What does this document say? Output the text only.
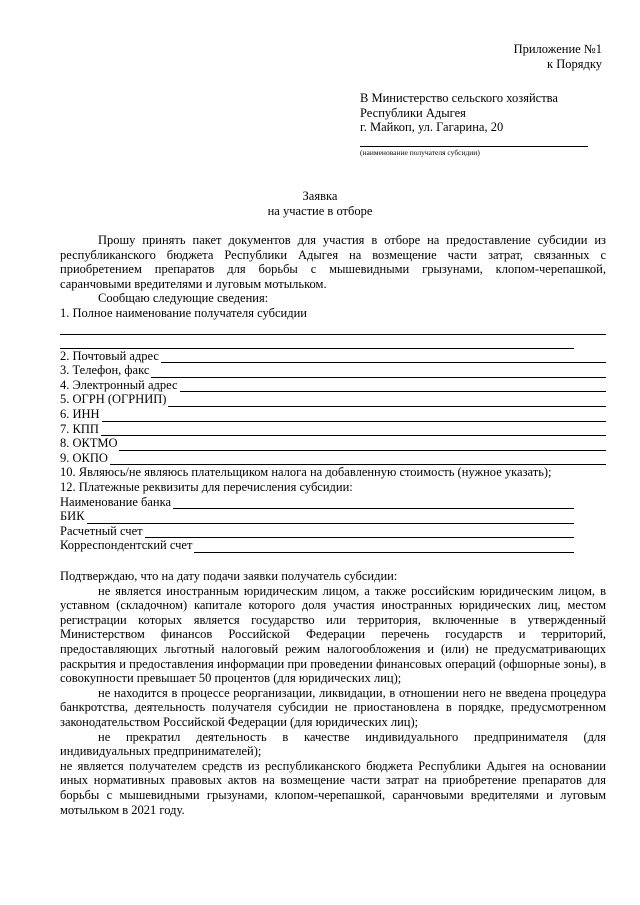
Приложение №1
к Порядку
В Министерство сельского хозяйства
Республики Адыгея
г. Майкоп, ул. Гагарина, 20
(наименование получателя субсидии)
Заявка
на участие в отборе
Прошу принять пакет документов для участия в отборе на предоставление субсидии из республиканского бюджета Республики Адыгея на возмещение части затрат, связанных с приобретением препаратов для борьбы с мышевидными грызунами, клопом-черепашкой, саранчовыми вредителями и луговым мотыльком.
Сообщаю следующие сведения:
1. Полное наименование получателя субсидии
2. Почтовый адрес
3. Телефон, факс
4. Электронный адрес
5. ОГРН (ОГРНИП)
6. ИНН
7. КПП
8. ОКТМО
9. ОКПО
10. Являюсь/не являюсь плательщиком налога на добавленную стоимость (нужное указать);
12. Платежные реквизиты для перечисления субсидии:
Наименование банка
БИК
Расчетный счет
Корреспондентский счет
Подтверждаю, что на дату подачи заявки получатель субсидии:
не является иностранным юридическим лицом, а также российским юридическим лицом, в уставном (складочном) капитале которого доля участия иностранных юридических лиц, местом регистрации которых является государство или территория, включенные в утвержденный Министерством финансов Российской Федерации перечень государств и территорий, предоставляющих льготный налоговый режим налогообложения и (или) не предусматривающих раскрытия и предоставления информации при проведении финансовых операций (офшорные зоны), в совокупности превышает 50 процентов (для юридических лиц);
не находится в процессе реорганизации, ликвидации, в отношении него не введена процедура банкротства, деятельность получателя субсидии не приостановлена в порядке, предусмотренном законодательством Российской Федерации (для юридических лиц);
не прекратил деятельность в качестве индивидуального предпринимателя (для индивидуальных предпринимателей);
не является получателем средств из республиканского бюджета Республики Адыгея на основании иных нормативных правовых актов на возмещение части затрат на приобретение препаратов для борьбы с мышевидными грызунами, клопом-черепашкой, саранчовыми вредителями и луговым мотыльком в 2021 году.
